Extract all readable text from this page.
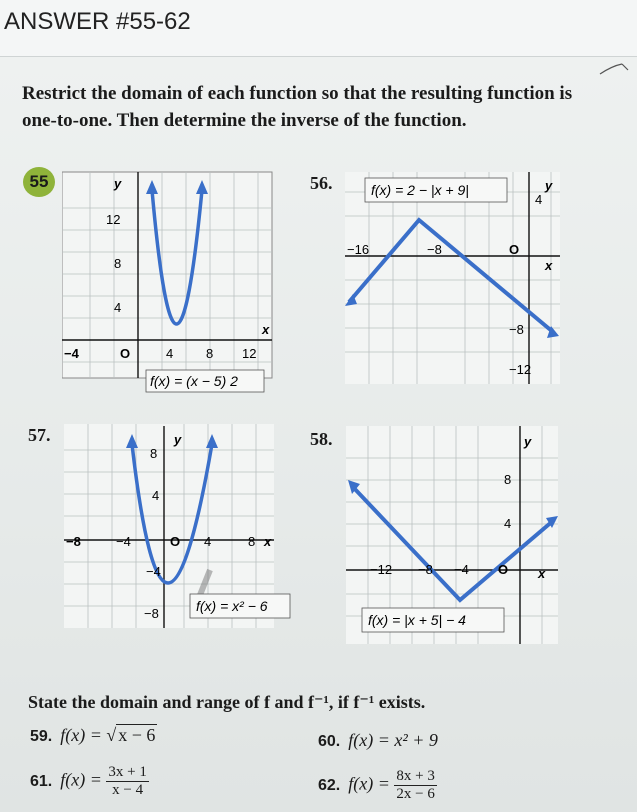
ANSWER #55-62
Restrict the domain of each function so that the resulting function is one-to-one. Then determine the inverse of the function.
55	y
x
12
8
4
−4	O	4	8 12
f(x) = (x − 5) 2
56.	f(x) = 2 − |x + 9|	y
4
−8
−12
−16	−8	O
x
57.	y
8
4
−4
−8
−8	−4	O 4	8 x
f(x) = x² − 6
58.	y
8
4
−12 −8 −4 O x
f(x) = |x + 5| − 4
State the domain and range of f and f⁻¹, if f⁻¹ exists.
59. f(x) = √ x − 6	60. f(x) = x² + 9
61. $f(x) = \frac{3x + 1}{x - 4}$	62. $f(x) = \frac{8x + 3}{2x - 6}$
